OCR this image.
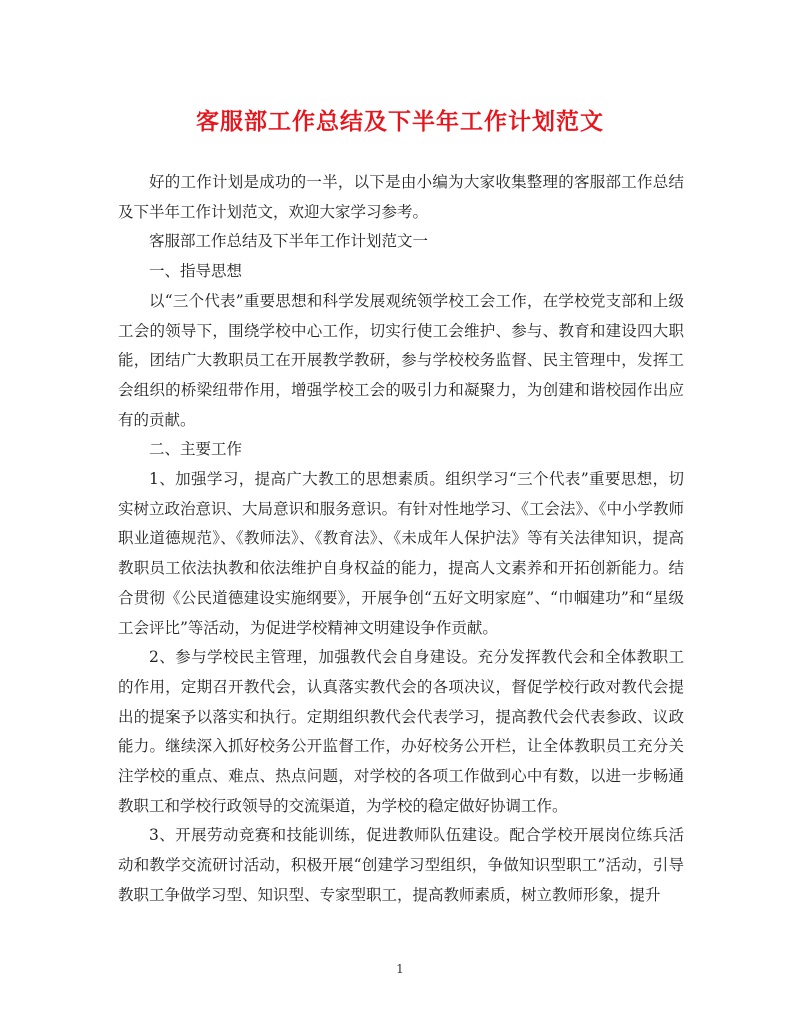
客服部工作总结及下半年工作计划范文

好的工作计划是成功的一半，以下是由小编为大家收集整理的客服部工作总结及下半年工作计划范文，欢迎大家学习参考。

客服部工作总结及下半年工作计划范文一

一、指导思想

以“三个代表”重要思想和科学发展观统领学校工会工作，在学校党支部和上级工会的领导下，围绕学校中心工作，切实行使工会维护、参与、教育和建设四大职能，团结广大教职员工在开展教学教研，参与学校校务监督、民主管理中，发挥工会组织的桥梁纽带作用，增强学校工会的吸引力和凝聚力，为创建和谐校园作出应有的贡献。

二、主要工作

1、加强学习，提高广大教工的思想素质。组织学习“三个代表”重要思想，切实树立政治意识、大局意识和服务意识。有针对性地学习、《工会法》、《中小学教师职业道德规范》、《教师法》、《教育法》、《未成年人保护法》等有关法律知识，提高教职员工依法执教和依法维护自身权益的能力，提高人文素养和开拓创新能力。结合贯彻《公民道德建设实施纲要》，开展争创“五好文明家庭”、“巾帼建功”和“星级工会评比”等活动，为促进学校精神文明建设争作贡献。

2、参与学校民主管理，加强教代会自身建设。充分发挥教代会和全体教职工的作用，定期召开教代会，认真落实教代会的各项决议，督促学校行政对教代会提出的提案予以落实和执行。定期组织教代会代表学习，提高教代会代表参政、议政能力。继续深入抓好校务公开监督工作，办好校务公开栏，让全体教职员工充分关注学校的重点、难点、热点问题，对学校的各项工作做到心中有数，以进一步畅通教职工和学校行政领导的交流渠道，为学校的稳定做好协调工作。

3、开展劳动竞赛和技能训练，促进教师队伍建设。配合学校开展岗位练兵活动和教学交流研讨活动，积极开展“创建学习型组织，争做知识型职工”活动，引导教职工争做学习型、知识型、专家型职工，提高教师素质，树立教师形象，提升

1
